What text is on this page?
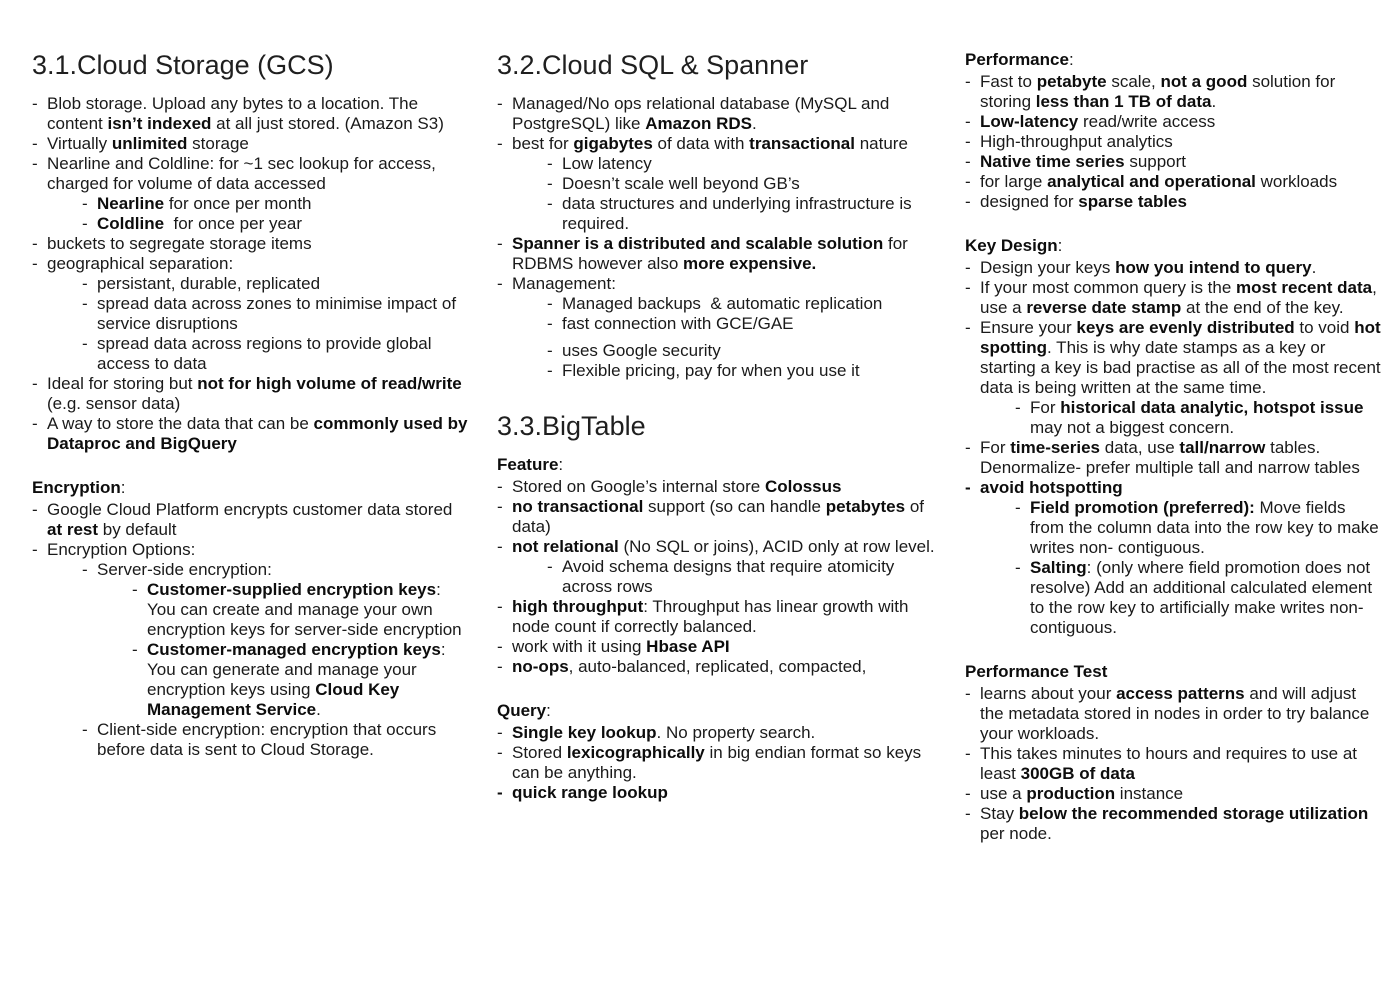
3.1.Cloud Storage (GCS)
- Blob storage. Upload any bytes to a location. The content isn’t indexed at all just stored. (Amazon S3)
- Virtually unlimited storage
- Nearline and Coldline: for ~1 sec lookup for access, charged for volume of data accessed
- Nearline for once per month
- Coldline  for once per year
- buckets to segregate storage items
- geographical separation:
- persistant, durable, replicated
- spread data across zones to minimise impact of service disruptions
- spread data across regions to provide global access to data
- Ideal for storing but not for high volume of read/write (e.g. sensor data)
- A way to store the data that can be commonly used by Dataproc and BigQuery
Encryption:
- Google Cloud Platform encrypts customer data stored at rest by default
- Encryption Options:
- Server-side encryption:
- Customer-supplied encryption keys: You can create and manage your own encryption keys for server-side encryption
- Customer-managed encryption keys: You can generate and manage your encryption keys using Cloud Key Management Service.
- Client-side encryption: encryption that occurs before data is sent to Cloud Storage.
3.2.Cloud SQL & Spanner
- Managed/No ops relational database (MySQL and PostgreSQL) like Amazon RDS.
- best for gigabytes of data with transactional nature
- Low latency
- Doesn’t scale well beyond GB’s
- data structures and underlying infrastructure is required.
- Spanner is a distributed and scalable solution for RDBMS however also more expensive.
- Management:
- Managed backups  & automatic replication
- fast connection with GCE/GAE
- uses Google security
- Flexible pricing, pay for when you use it
3.3.BigTable
Feature:
- Stored on Google’s internal store Colossus
- no transactional support (so can handle petabytes of data)
- not relational (No SQL or joins), ACID only at row level.
- Avoid schema designs that require atomicity across rows
- high throughput: Throughput has linear growth with node count if correctly balanced.
- work with it using Hbase API
- no-ops, auto-balanced, replicated, compacted,
Query:
- Single key lookup. No property search.
- Stored lexicographically in big endian format so keys can be anything.
- quick range lookup
Performance:
- Fast to petabyte scale, not a good solution for storing less than 1 TB of data.
- Low-latency read/write access
- High-throughput analytics
- Native time series support
- for large analytical and operational workloads
- designed for sparse tables
Key Design:
- Design your keys how you intend to query.
- If your most common query is the most recent data, use a reverse date stamp at the end of the key.
- Ensure your keys are evenly distributed to void hot spotting. This is why date stamps as a key or starting a key is bad practise as all of the most recent data is being written at the same time.
- For historical data analytic, hotspot issue may not a biggest concern.
- For time-series data, use tall/narrow tables. Denormalize- prefer multiple tall and narrow tables
- avoid hotspotting
- Field promotion (preferred): Move fields from the column data into the row key to make writes non- contiguous.
- Salting: (only where field promotion does not resolve) Add an additional calculated element to the row key to artificially make writes non- contiguous.
Performance Test
- learns about your access patterns and will adjust the metadata stored in nodes in order to try balance your workloads.
- This takes minutes to hours and requires to use at least 300GB of data
- use a production instance
- Stay below the recommended storage utilization per node.
